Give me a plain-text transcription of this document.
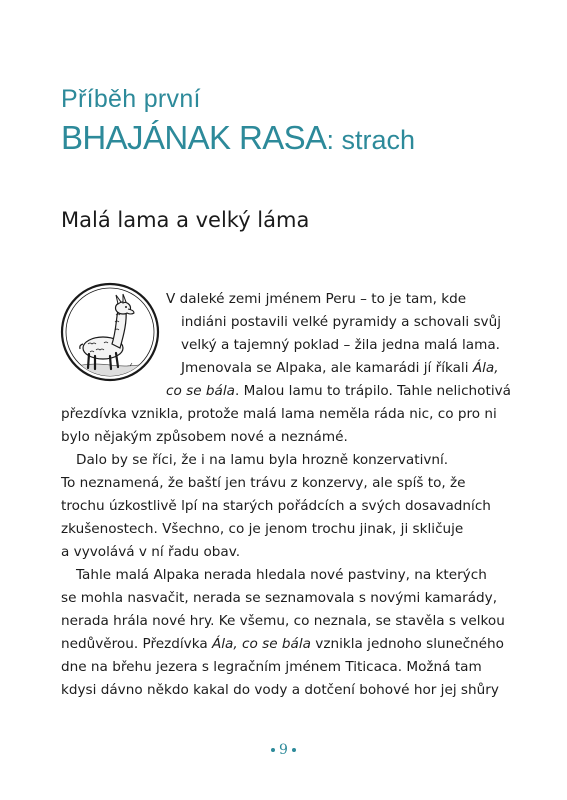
Příběh první
BHAJÁNAK RASA: strach
Malá lama a velký láma
V daleké zemi jménem Peru – to je tam, kde
indiáni postavili velké pyramidy a schovali svůj
velký a tajemný poklad – žila jedna malá lama.
Jmenovala se Alpaka, ale kamarádi jí říkali Ála,
co se bála. Malou lamu to trápilo. Tahle nelichotivá
přezdívka vznikla, protože malá lama neměla ráda nic, co pro ni
bylo nějakým způsobem nové a neznámé.
Dalo by se říci, že i na lamu byla hrozně konzervativní.
To neznamená, že baští jen trávu z konzervy, ale spíš to, že
trochu úzkostlivě lpí na starých pořádcích a svých dosavadních
zkušenostech. Všechno, co je jenom trochu jinak, ji skličuje
a vyvolává v ní řadu obav.
Tahle malá Alpaka nerada hledala nové pastviny, na kterých
se mohla nasvačit, nerada se seznamovala s novými kamarády,
nerada hrála nové hry. Ke všemu, co neznala, se stavěla s velkou
nedůvěrou. Přezdívka Ála, co se bála vznikla jednoho slunečného
dne na břehu jezera s legračním jménem Titicaca. Možná tam
kdysi dávno někdo kakal do vody a dotčení bohové hor jej shůry
9
